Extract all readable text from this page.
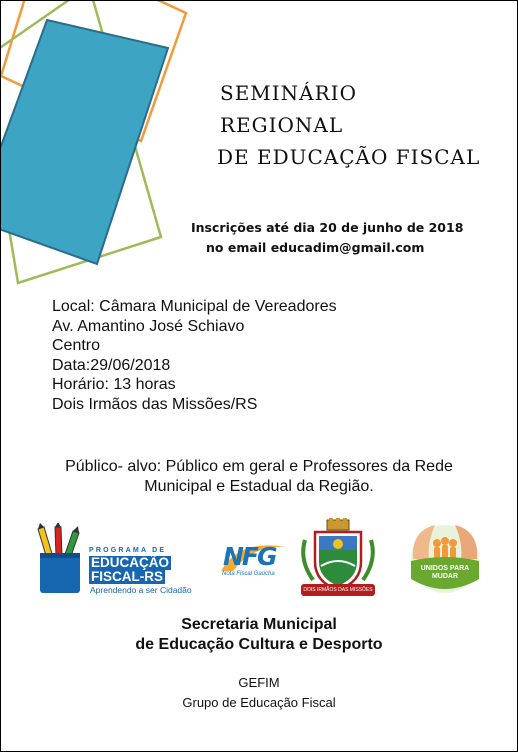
SEMINÁRIO
REGIONAL
DE EDUCAÇÃO FISCAL
Inscrições até dia 20 de junho de 2018
no email educadim@gmail.com
Local: Câmara Municipal de Vereadores
Av. Amantino José Schiavo
Centro
Data:29/06/2018
Horário: 13 horas
Dois Irmãos das Missões/RS
Público- alvo: Público em geral e Professores da Rede
Municipal e Estadual da Região.
PROGRAMA DE
EDUCAÇÃO
FISCAL-RS
Aprendendo a ser Cidadão
NFG
Nota Fiscal Gaúcha
DOIS IRMÃOS DAS MISSÕES
UNIDOS PARA
MUDAR
Secretaria Municipal
de Educação Cultura e Desporto
GEFIM
Grupo de Educação Fiscal
